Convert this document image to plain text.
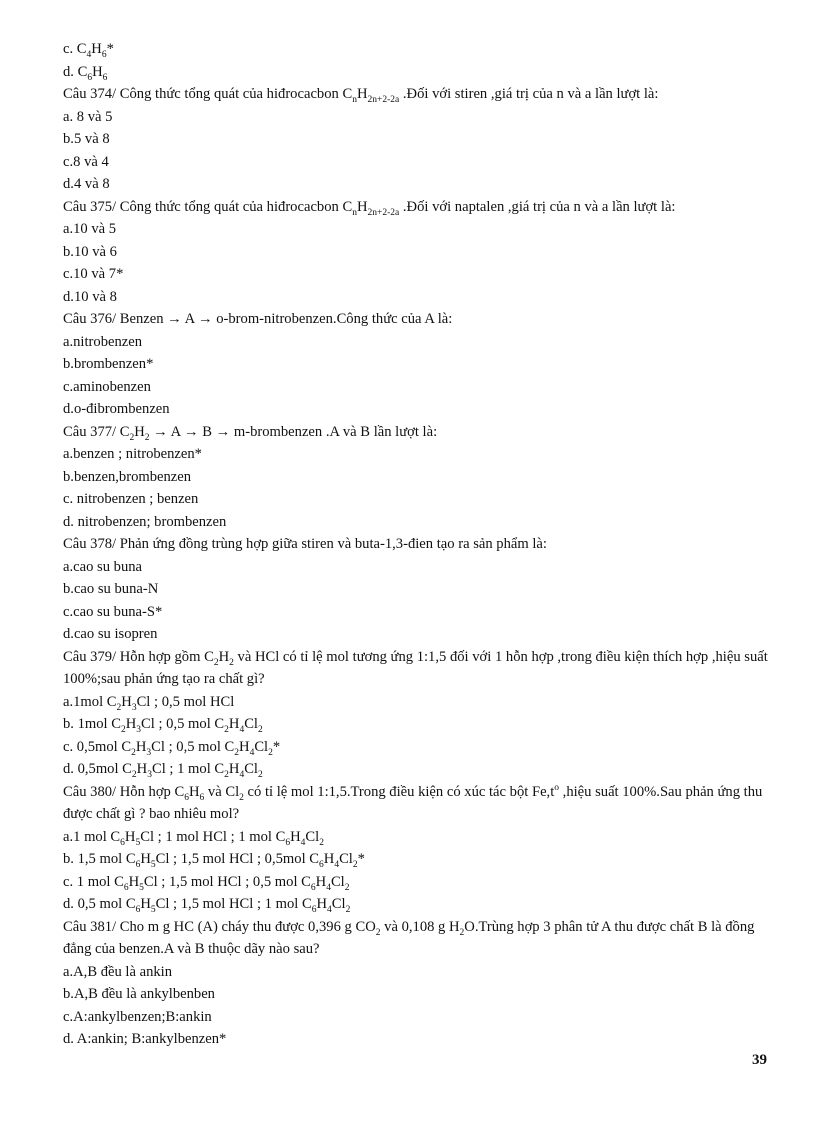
c. $C_4H_6*$
d. $C_6H_6$
Câu 374/ Công thức tổng quát của hiđrocacbon $C_nH_{2n+2-2a}$ .Đối với stiren ,giá trị của n và a lần lượt là:
a. 8 và 5
b.5 và 8
c.8 và 4
d.4 và 8
Câu 375/ Công thức tổng quát của hiđrocacbon $C_nH_{2n+2-2a}$ .Đối với naptalen ,giá trị của n và a lần lượt là:
a.10 và 5
b.10 và 6
c.10 và 7*
d.10 và 8
Câu 376/ Benzen → A → o-brom-nitrobenzen.Công thức của A là:
a.nitrobenzen
b.brombenzen*
c.aminobenzen
d.o-đibrombenzen
Câu 377/ $C_2H_2 \to A \to B$ → m-brombenzen .A và B lần lượt là:
a.benzen ; nitrobenzen*
b.benzen,brombenzen
c. nitrobenzen ; benzen
d. nitrobenzen; brombenzen
Câu 378/ Phản ứng đồng trùng hợp giữa stiren và buta-1,3-đien tạo ra sản phẩm là:
a.cao su buna
b.cao su buna-N
c.cao su buna-S*
d.cao su isopren
Câu 379/ Hỗn hợp gồm $C_2H_2$ và HCl có tỉ lệ mol tương ứng 1:1,5 đối với 1 hỗn hợp ,trong điều kiện thích hợp ,hiệu suất 100%;sau phản ứng tạo ra chất gì?
a.1mol $C_2H_3Cl$ ; 0,5 mol HCl
b. 1mol $C_2H_3Cl$ ; 0,5 mol $C_2H_4Cl_2$
c. 0,5mol $C_2H_3Cl$ ; 0,5 mol $C_2H_4Cl_2*$
d. 0,5mol $C_2H_3Cl$ ; 1 mol $C_2H_4Cl_2$
Câu 380/ Hỗn hợp $C_6H_6$ và $Cl_2$ có tỉ lệ mol 1:1,5.Trong điều kiện có xúc tác bột $Fe,t^o$ ,hiệu suất 100%.Sau phản ứng thu được chất gì ? bao nhiêu mol?
a.1 mol $C_6H_5Cl$ ; 1 mol HCl ; 1 mol $C_6H_4Cl_2$
b. 1,5 mol $C_6H_5Cl$ ; 1,5 mol HCl ; 0,5mol $C_6H_4Cl_2*$
c. 1 mol $C_6H_5Cl$ ; 1,5 mol HCl ; 0,5 mol $C_6H_4Cl_2$
d. 0,5 mol $C_6H_5Cl$ ; 1,5 mol HCl ; 1 mol $C_6H_4Cl_2$
Câu 381/ Cho m g HC (A) cháy thu được 0,396 g $CO_2$ và 0,108 g $H_2O.Trùng$ hợp 3 phân tử A thu được chất B là đồng đẳng của benzen.A và B thuộc dãy nào sau?
a.A,B đều là ankin
b.A,B đều là ankylbenben
c.A:ankylbenzen;B:ankin
d. A:ankin; B:ankylbenzen*
39
